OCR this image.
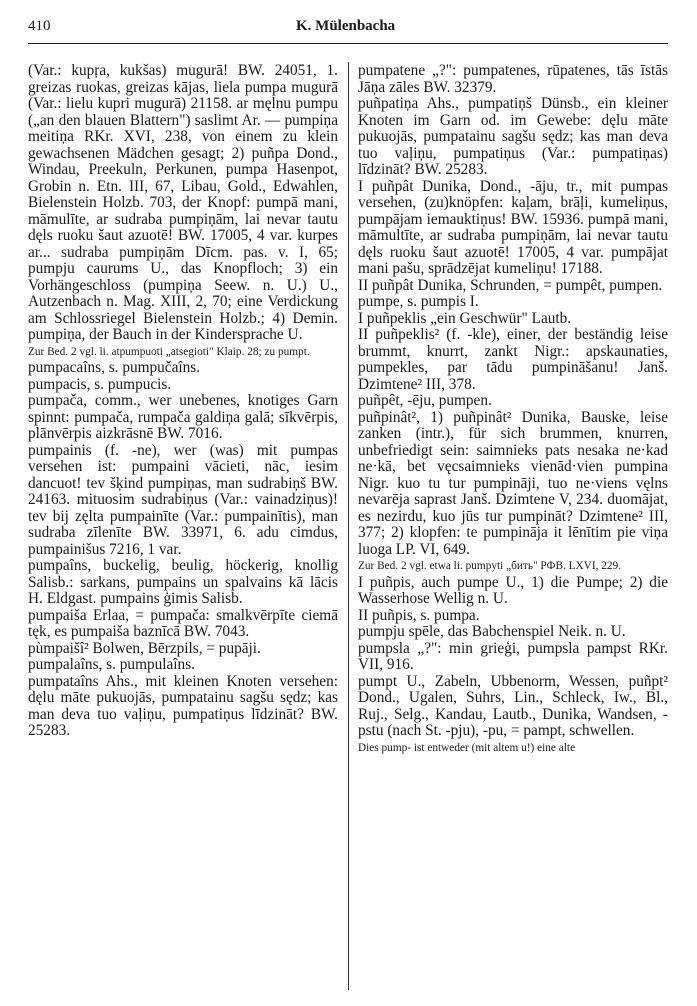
410	K. Mülenbacha

(Var.: kupŗa, kukšas) mugurā! BW. 24051, 1. greizas ruokas, greizas kājas, liela pumpa mugurā (Var.: lielu kupri mugurā) 21158. ar męlnu pumpu („an den blauen Blattern") saslimt Ar. — pumpiņa meitiņa RKr. XVI, 238, von einem zu klein gewachsenen Mädchen gesagt; 2) puñpa Dond., Windau, Preekuln, Perkunen, pumpa Hasenpot, Grobin n. Etn. III, 67, Libau, Gold., Edwahlen, Bielenstein Holzb. 703, der Knopf: pumpā mani, māmulīte, ar sudraba pumpiņām, lai nevar tautu dęls ruoku šaut azuotē! BW. 17005, 4 var. kurpes ar... sudraba pumpiņām Dīcm. pas. v. I, 65; pumpju caurums U., das Knopfloch; 3) ein Vorhängeschloss (pumpiņa Seew. n. U.) U., Autzenbach n. Mag. XIII, 2, 70; eine Verdickung am Schlossriegel Bielenstein Holzb.; 4) Demin. pumpiņa, der Bauch in der Kindersprache U.

Zur Bed. 2 vgl. li. atpumpuoti „atsegioti" Klaip. 28; zu pumpt.

pumpacaîns, s. pumpučaîns.

pumpacis, s. pumpucis.

pumpača, comm., wer unebenes, knotiges Garn spinnt: pumpača, rumpača galdiņa galā; sīkvērpis, plānvērpis aizkrāsnē BW. 7016.

pumpainis (f. -ne), wer (was) mit pumpas versehen ist: pumpaini vācieti, nāc, iesim dancuot! tev šķind pumpiņas, man sudrabiņš BW. 24163. mituosim sudrabiņus (Var.: vainadziņus)! tev bij zęlta pumpainīte (Var.: pumpainītis), man sudraba zīlenīte BW. 33971, 6. adu cimdus, pumpainišus 7216, 1 var.

pumpaîns, buckelig, beulig, höckerig, knollig Salisb.: sarkans, pumpains un spalvains kā lācis H. Eldgast. pumpains ģimis Salisb.

pumpaiša Erlaa, = pumpača: smalkvērpīte ciemā tęk, es pumpaiša baznīcā BW. 7043.

pùmpaišî² Bolwen, Bērzpils, = pupāji.

pumpalaîns, s. pumpulaîns.

pumpataîns Ahs., mit kleinen Knoten versehen: dęlu māte pukuojās, pumpatainu sagšu sędz; kas man deva tuo vaļiņu, pumpatiņus līdzināt? BW. 25283.

pumpatene „?": pumpatenes, rūpatenes, tās īstās Jāņa zāles BW. 32379.

puñpatiņa Ahs., pumpatiņš Dünsb., ein kleiner Knoten im Garn od. im Gewebe: dęlu māte pukuojās, pumpatainu sagšu sędz; kas man deva tuo vaļiņu, pumpatiņus (Var.: pumpatiņas) līdzināt? BW. 25283.

I puñpât Dunika, Dond., -āju, tr., mit pumpas versehen, (zu)knöpfen: kaļam, brāļi, kumeliņus, pumpājam iemauktiņus! BW. 15936. pumpā mani, māmultīte, ar sudraba pumpiņām, lai nevar tautu dęls ruoku šaut azuotē! 17005, 4 var. pumpājat mani pašu, sprādzējat kumeliņu! 17188.

II puñpât Dunika, Schrunden, = pumpêt, pumpen.

pumpe, s. pumpis I.

I puñpeklis „ein Geschwür" Lautb.

II puñpeklis² (f. -kle), einer, der beständig leise brummt, knurrt, zankt Nigr.: apskaunaties, pumpekles, par tādu pumpināšanu! Janš. Dzimtene² III, 378.

puñpêt, -ēju, pumpen.

puñpinât², 1) puñpinât² Dunika, Bauske, leise zanken (intr.), für sich brummen, knurren, unbefriedigt sein: saimnieks pats nesaka ne·kad ne·kā, bet vęcsaimnieks vienād·vien pumpina Nigr. kuo tu tur pumpināji, tuo ne·viens vęlns nevarēja saprast Janš. Dzimtene V, 234. duomājat, es nezirdu, kuo jūs tur pumpināt? Dzimtene² III, 377; 2) klopfen: te pumpināja it lēnītim pie viņa luoga LP. VI, 649.

Zur Bed. 2 vgl. etwa li. pumpyti „бить" РФВ. LXVI, 229.

I puñpis, auch pumpe U., 1) die Pumpe; 2) die Wasserhose Wellig n. U.

II puñpis, s. pumpa.

pumpju spēle, das Babchenspiel Neik. n. U.

pumpsla „?": min grieģi, pumpsla pampst RKr. VII, 916.

pumpt U., Zabeln, Ubbenorm, Wessen, puñpt² Dond., Ugalen, Suhrs, Lin., Schleck, Iw., Bl., Ruj., Selg., Kandau, Lautb., Dunika, Wandsen, -pstu (nach St. -pju), -pu, = pampt, schwellen.

Dies pump- ist entweder (mit altem u!) eine alte
